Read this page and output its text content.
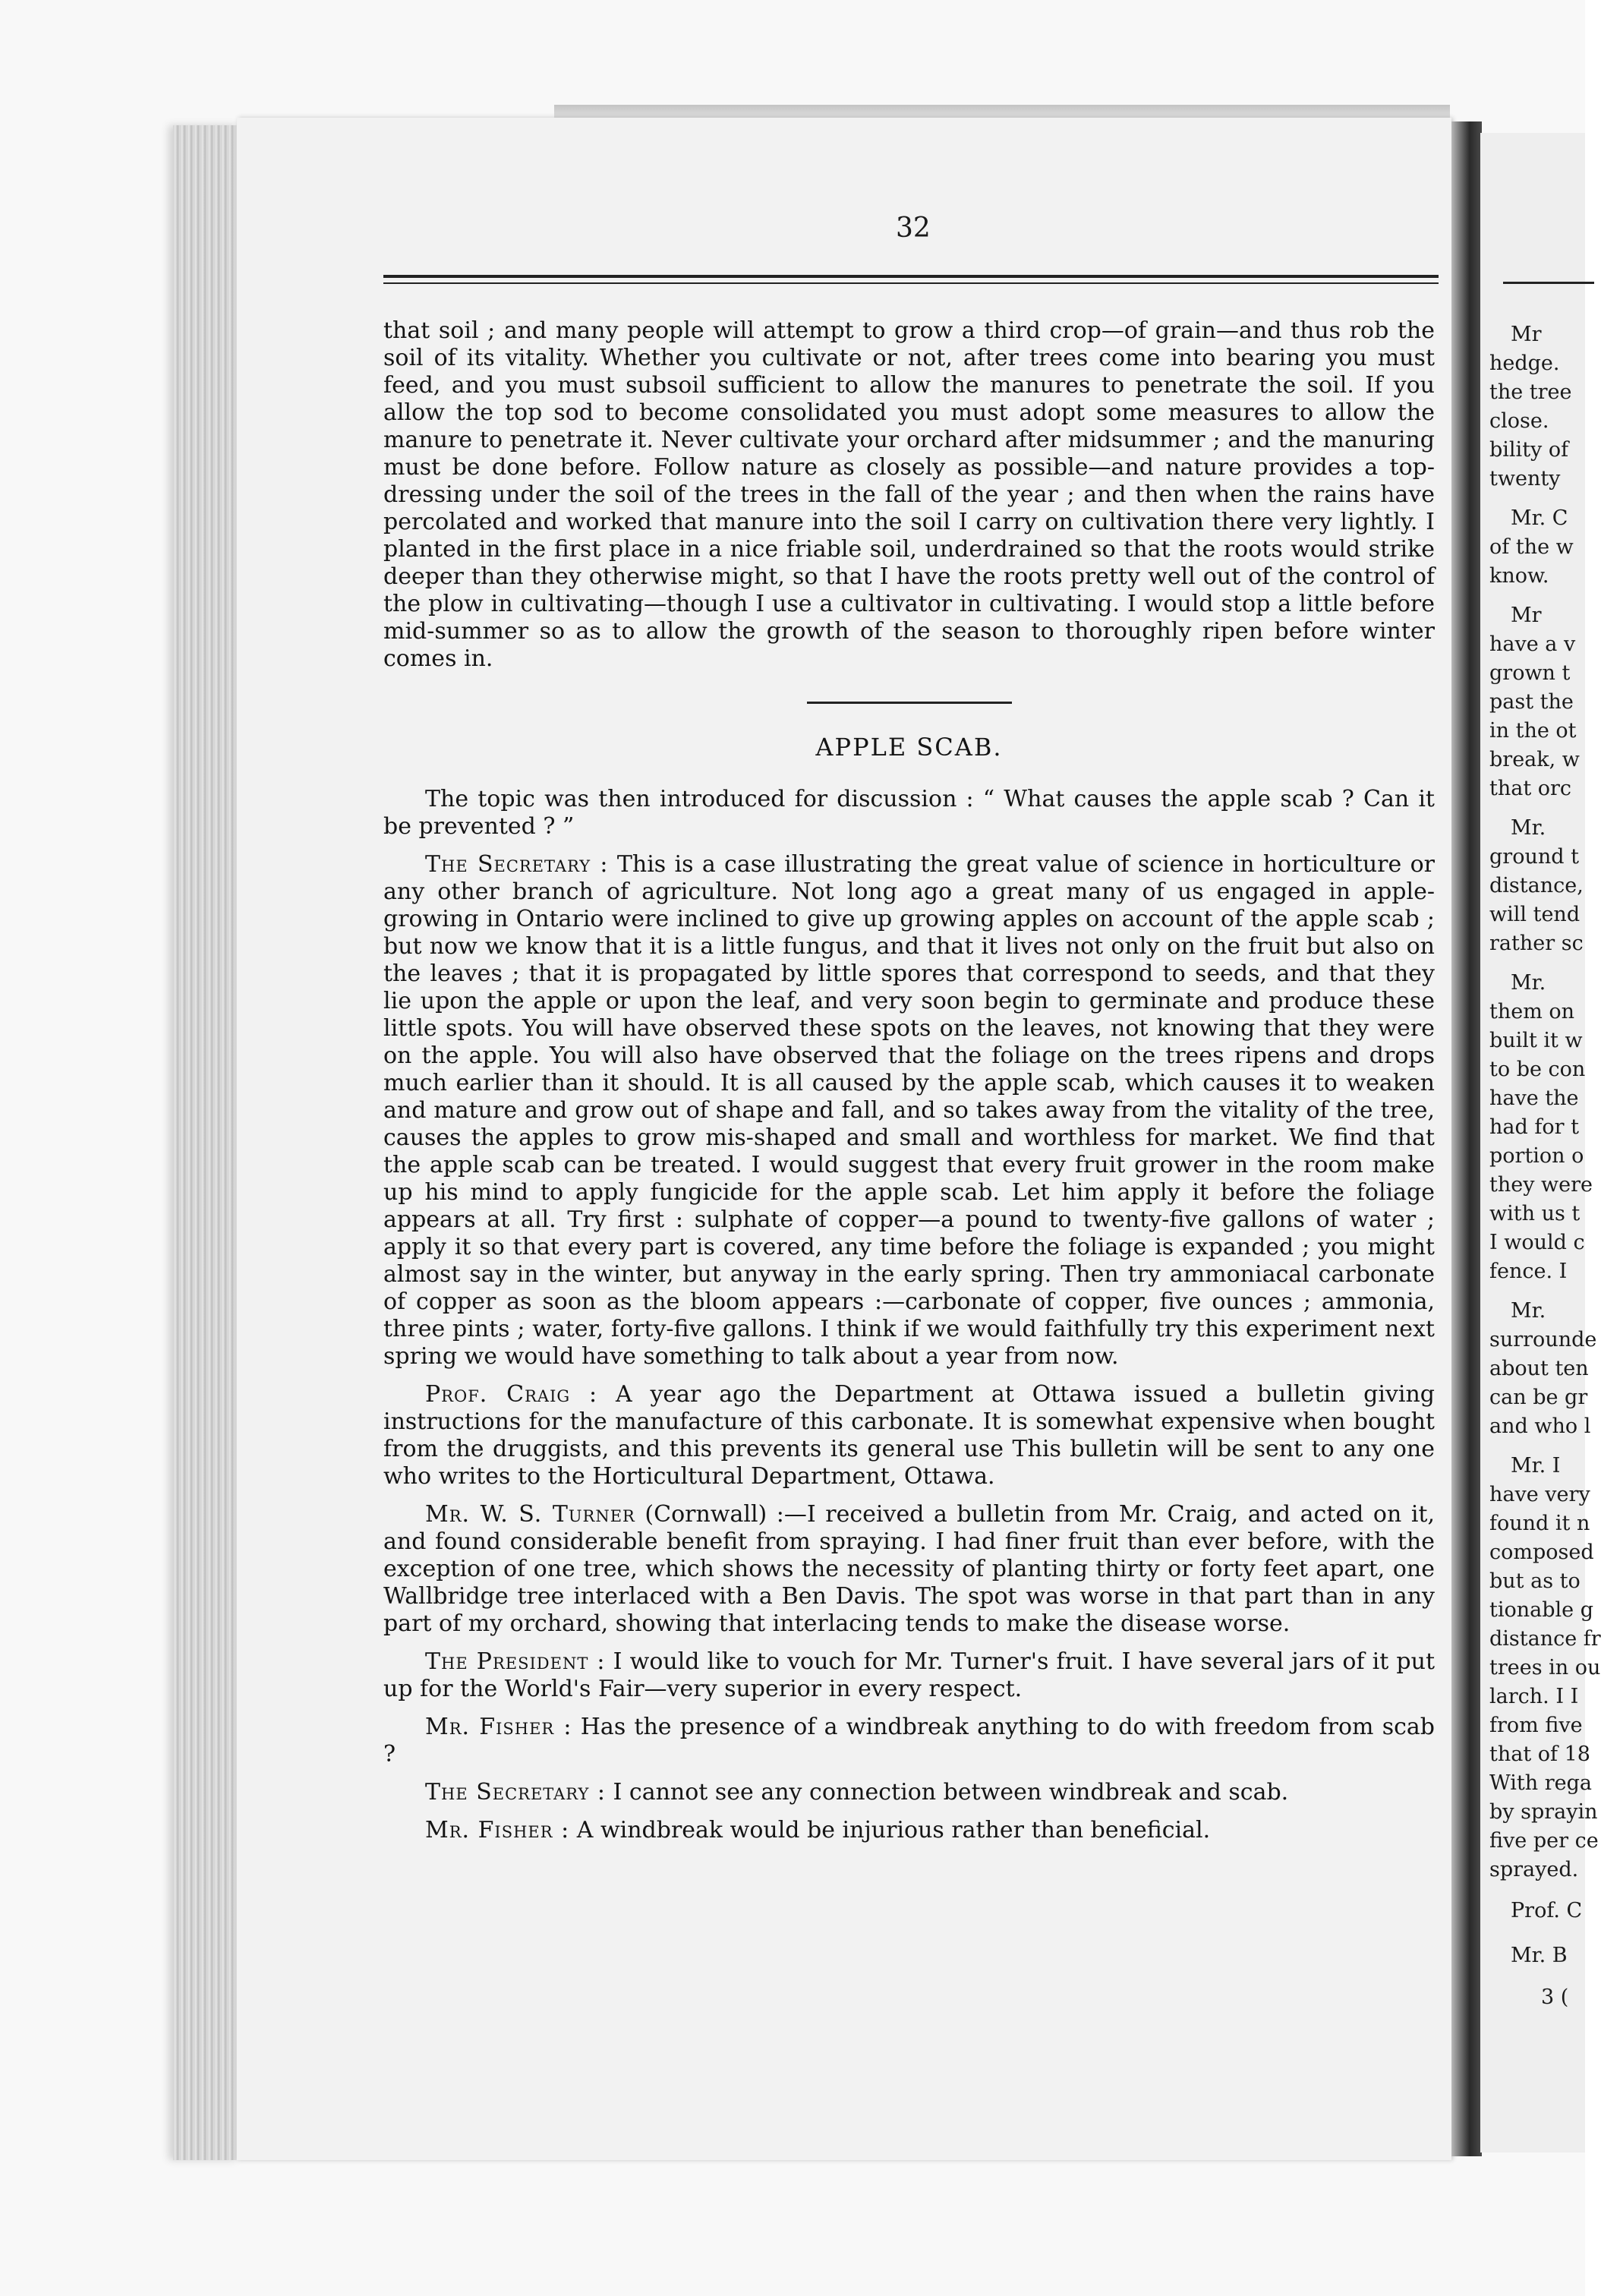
Mr
hedge.
the tree
close.
bility of
twenty
Mr. C
of the w
know.
Mr
have a v
grown t
past the
in the ot
break, w
that orc
Mr.
ground t
distance,
will tend
rather sc
Mr.
them on
built it w
to be con
have the
had for t
portion o
they were
with us t
I would c
fence. I
Mr.
surrounde
about ten
can be gr
and who l
Mr. I
have very
found it n
composed
but as to
tionable g
distance fr
trees in ou
larch. I I
from five
that of 18
With rega
by sprayin
five per ce
sprayed.
Prof. C
Mr. B
3 (
32

that soil ; and many people will attempt to grow a third crop—of grain—and thus rob the soil of its vitality. Whether you cultivate or not, after trees come into bearing you must feed, and you must subsoil sufficient to allow the manures to penetrate the soil. If you allow the top sod to become consolidated you must adopt some measures to allow the manure to penetrate it. Never cultivate your orchard after midsummer ; and the manuring must be done before. Follow nature as closely as possible—and nature provides a top-dressing under the soil of the trees in the fall of the year ; and then when the rains have percolated and worked that manure into the soil I carry on cultivation there very lightly. I planted in the first place in a nice friable soil, underdrained so that the roots would strike deeper than they otherwise might, so that I have the roots pretty well out of the control of the plow in cultivating—though I use a cultivator in cultivating. I would stop a little before mid-summer so as to allow the growth of the season to thoroughly ripen before winter comes in.

APPLE SCAB.

The topic was then introduced for discussion : “ What causes the apple scab ? Can it be prevented ? ”

The Secretary : This is a case illustrating the great value of science in horticulture or any other branch of agriculture. Not long ago a great many of us engaged in apple-growing in Ontario were inclined to give up growing apples on account of the apple scab ; but now we know that it is a little fungus, and that it lives not only on the fruit but also on the leaves ; that it is propagated by little spores that correspond to seeds, and that they lie upon the apple or upon the leaf, and very soon begin to germinate and produce these little spots. You will have observed these spots on the leaves, not knowing that they were on the apple. You will also have observed that the foliage on the trees ripens and drops much earlier than it should. It is all caused by the apple scab, which causes it to weaken and mature and grow out of shape and fall, and so takes away from the vitality of the tree, causes the apples to grow mis-shaped and small and worthless for market. We find that the apple scab can be treated. I would suggest that every fruit grower in the room make up his mind to apply fungicide for the apple scab. Let him apply it before the foliage appears at all. Try first : sulphate of copper—a pound to twenty-five gallons of water ; apply it so that every part is covered, any time before the foliage is expanded ; you might almost say in the winter, but anyway in the early spring. Then try ammoniacal carbonate of copper as soon as the bloom appears :—carbonate of copper, five ounces ; ammonia, three pints ; water, forty-five gallons. I think if we would faithfully try this experiment next spring we would have something to talk about a year from now.

Prof. Craig : A year ago the Department at Ottawa issued a bulletin giving instructions for the manufacture of this carbonate. It is somewhat expensive when bought from the druggists, and this prevents its general use This bulletin will be sent to any one who writes to the Horticultural Department, Ottawa.

Mr. W. S. Turner (Cornwall) :—I received a bulletin from Mr. Craig, and acted on it, and found considerable benefit from spraying. I had finer fruit than ever before, with the exception of one tree, which shows the necessity of planting thirty or forty feet apart, one Wallbridge tree interlaced with a Ben Davis. The spot was worse in that part than in any part of my orchard, showing that interlacing tends to make the disease worse.

The President : I would like to vouch for Mr. Turner's fruit. I have several jars of it put up for the World's Fair—very superior in every respect.

Mr. Fisher : Has the presence of a windbreak anything to do with freedom from scab ?

The Secretary : I cannot see any connection between windbreak and scab.

Mr. Fisher : A windbreak would be injurious rather than beneficial.
